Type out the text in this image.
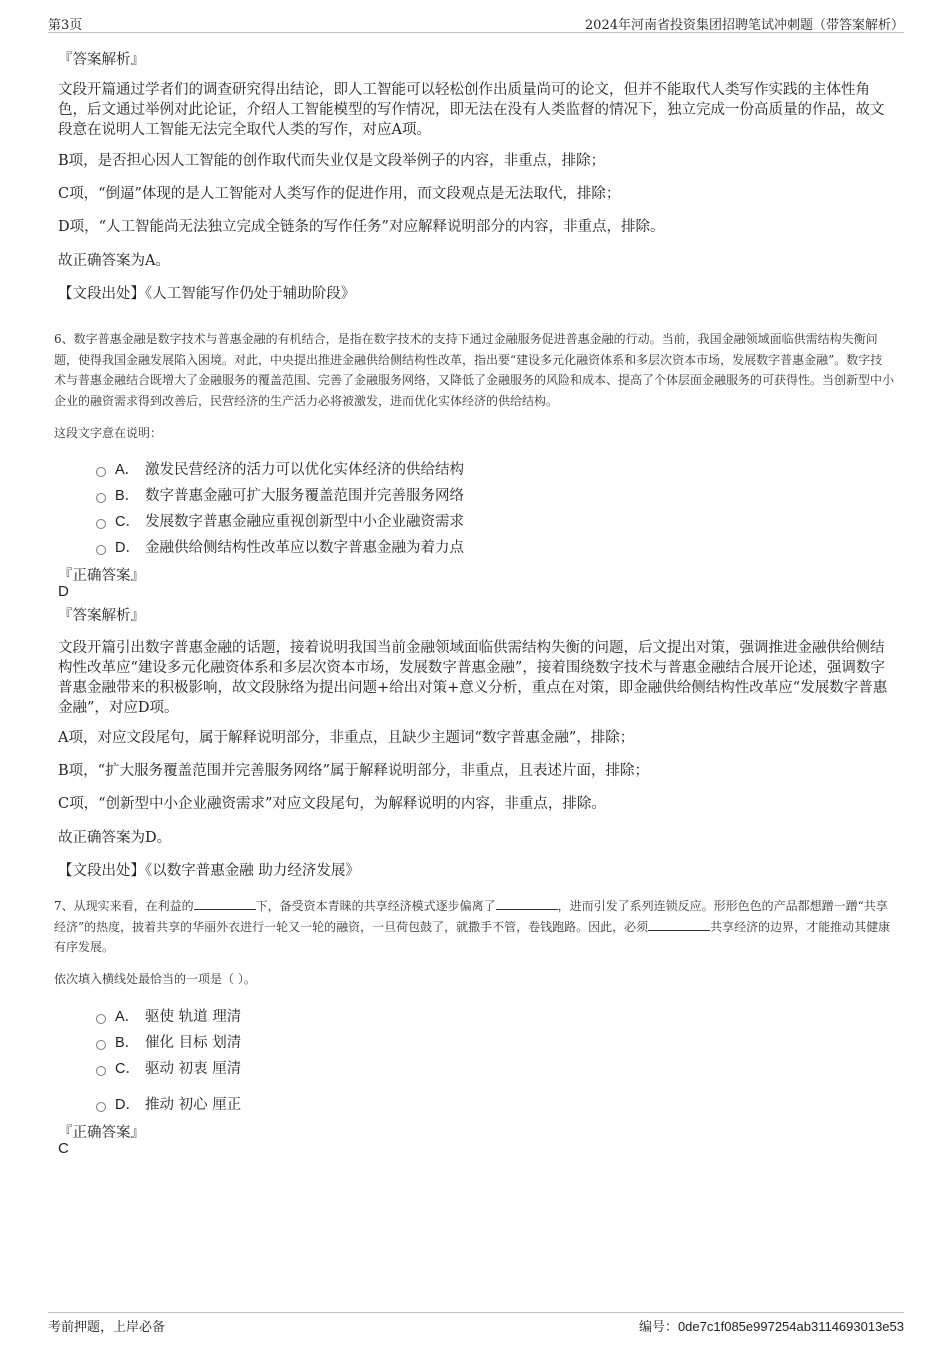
第3页	2024年河南省投资集团招聘笔试冲刺题（带答案解析）
『答案解析』
文段开篇通过学者们的调查研究得出结论，即人工智能可以轻松创作出质量尚可的论文，但并不能取代人类写作实践的主体性角色，后文通过举例对此论证，介绍人工智能模型的写作情况，即无法在没有人类监督的情况下，独立完成一份高质量的作品，故文段意在说明人工智能无法完全取代人类的写作，对应A项。
B项，是否担心因人工智能的创作取代而失业仅是文段举例子的内容，非重点，排除；
C项，“倒逼”体现的是人工智能对人类写作的促进作用，而文段观点是无法取代，排除；
D项，“人工智能尚无法独立完成全链条的写作任务”对应解释说明部分的内容，非重点，排除。
故正确答案为A。
【文段出处】《人工智能写作仍处于辅助阶段》
6、数字普惠金融是数字技术与普惠金融的有机结合，是指在数字技术的支持下通过金融服务促进普惠金融的行动。当前，我国金融领域面临供需结构失衡问题，使得我国金融发展陷入困境。对此，中央提出推进金融供给侧结构性改革，指出要“建设多元化融资体系和多层次资本市场，发展数字普惠金融”。数字技术与普惠金融结合既增大了金融服务的覆盖范围、完善了金融服务网络，又降低了金融服务的风险和成本、提高了个体层面金融服务的可获得性。当创新型中小企业的融资需求得到改善后，民营经济的生产活力必将被激发，进而优化实体经济的供给结构。
这段文字意在说明：
A． 激发民营经济的活力可以优化实体经济的供给结构
B． 数字普惠金融可扩大服务覆盖范围并完善服务网络
C． 发展数字普惠金融应重视创新型中小企业融资需求
D． 金融供给侧结构性改革应以数字普惠金融为着力点
『正确答案』
D
『答案解析』
文段开篇引出数字普惠金融的话题，接着说明我国当前金融领域面临供需结构失衡的问题，后文提出对策，强调推进金融供给侧结构性改革应“建设多元化融资体系和多层次资本市场，发展数字普惠金融”，接着围绕数字技术与普惠金融结合展开论述，强调数字普惠金融带来的积极影响，故文段脉络为提出问题+给出对策+意义分析，重点在对策，即金融供给侧结构性改革应“发展数字普惠金融”，对应D项。
A项，对应文段尾句，属于解释说明部分，非重点，且缺少主题词“数字普惠金融”，排除；
B项，“扩大服务覆盖范围并完善服务网络”属于解释说明部分，非重点，且表述片面，排除；
C项，“创新型中小企业融资需求”对应文段尾句，为解释说明的内容，非重点，排除。
故正确答案为D。
【文段出处】《以数字普惠金融 助力经济发展》
7、从现实来看，在利益的	下，备受资本青睐的共享经济模式逐步偏离了	，进而引发了系列连锁反应。形形色色的产品都想蹭一蹭“共享经济”的热度，披着共享的华丽外衣进行一轮又一轮的融资，一旦荷包鼓了，就撒手不管，卷钱跑路。因此，必须	共享经济的边界，才能推动其健康有序发展。
依次填入横线处最恰当的一项是（ ）。
A． 驱使 轨道 理清
B． 催化 目标 划清
C． 驱动 初衷 厘清
D． 推动 初心 厘正
『正确答案』
C
考前押题，上岸必备	编号：0de7c1f085e997254ab3114693013e53
